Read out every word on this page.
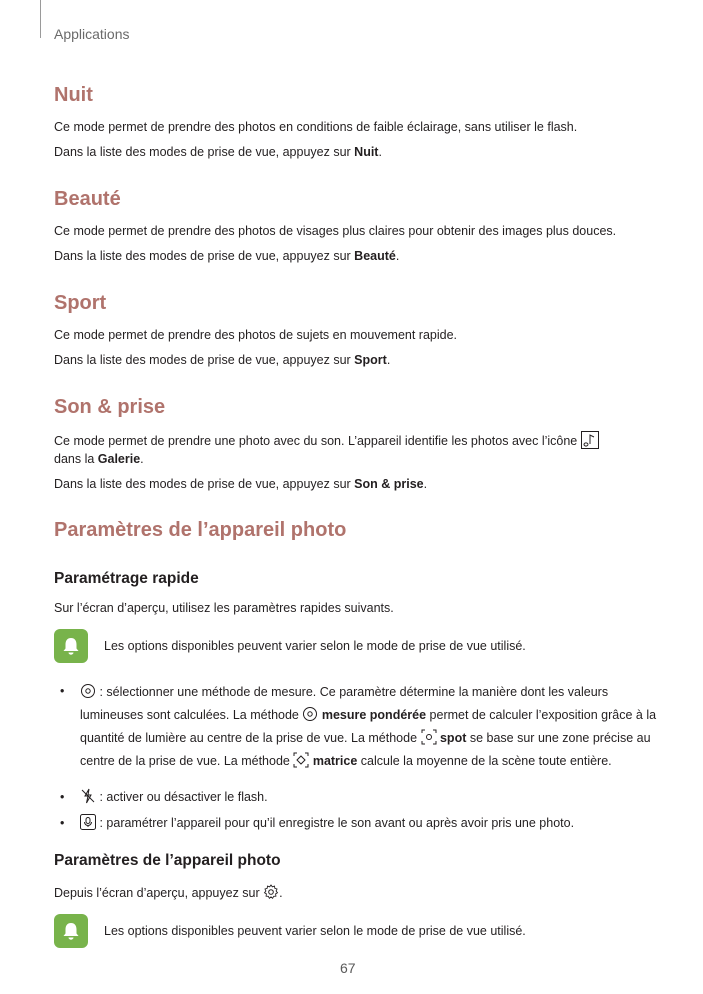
Applications
Nuit
Ce mode permet de prendre des photos en conditions de faible éclairage, sans utiliser le flash.
Dans la liste des modes de prise de vue, appuyez sur Nuit.
Beauté
Ce mode permet de prendre des photos de visages plus claires pour obtenir des images plus douces.
Dans la liste des modes de prise de vue, appuyez sur Beauté.
Sport
Ce mode permet de prendre des photos de sujets en mouvement rapide.
Dans la liste des modes de prise de vue, appuyez sur Sport.
Son & prise
Ce mode permet de prendre une photo avec du son. L’appareil identifie les photos avec l’icône
dans la Galerie.
Dans la liste des modes de prise de vue, appuyez sur Son & prise.
Paramètres de l’appareil photo
Paramétrage rapide
Sur l’écran d’aperçu, utilisez les paramètres rapides suivants.
Les options disponibles peuvent varier selon le mode de prise de vue utilisé.
•	: sélectionner une méthode de mesure. Ce paramètre détermine la manière dont les valeurs lumineuses sont calculées. La méthode  mesure pondérée permet de calculer l’exposition grâce à la quantité de lumière au centre de la prise de vue. La méthode  spot se base sur une zone précise au centre de la prise de vue. La méthode  matrice calcule la moyenne de la scène toute entière.
•	: activer ou désactiver le flash.
•	: paramétrer l’appareil pour qu’il enregistre le son avant ou après avoir pris une photo.
Paramètres de l’appareil photo
Depuis l’écran d’aperçu, appuyez sur .
Les options disponibles peuvent varier selon le mode de prise de vue utilisé.
67
